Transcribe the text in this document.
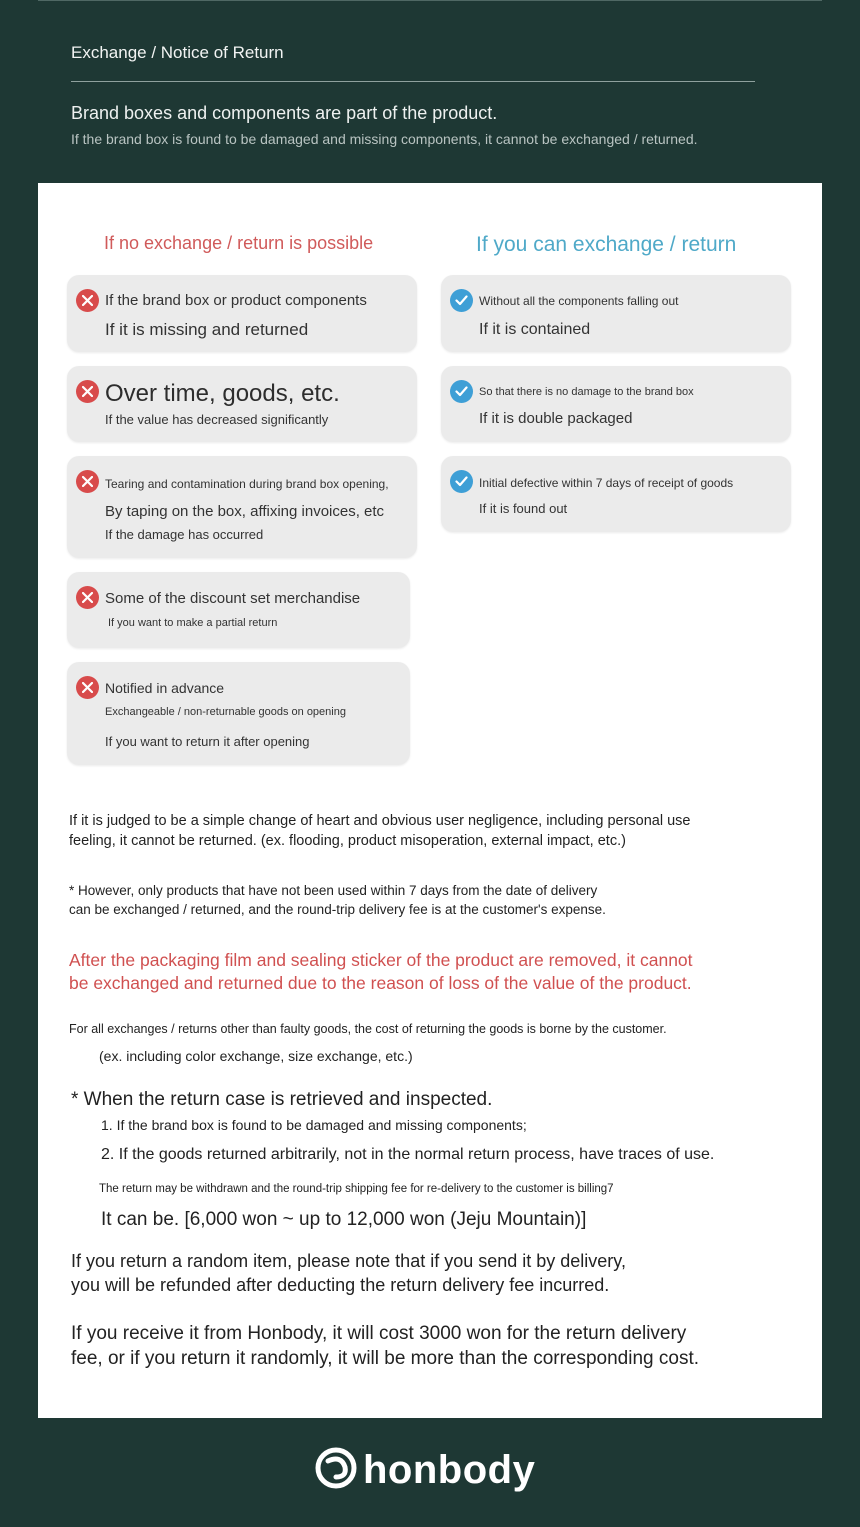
Exchange / Notice of Return
Brand boxes and components are part of the product.
If the brand box is found to be damaged and missing components, it cannot be exchanged / returned.
If no exchange / return is possible	If you can exchange / return
If the brand box or product components
If it is missing and returned
Over time, goods, etc.
If the value has decreased significantly
Tearing and contamination during brand box opening,
By taping on the box, affixing invoices, etc
If the damage has occurred
Some of the discount set merchandise
If you want to make a partial return
Notified in advance
Exchangeable / non-returnable goods on opening
If you want to return it after opening
Without all the components falling out
If it is contained
So that there is no damage to the brand box
If it is double packaged
Initial defective within 7 days of receipt of goods
If it is found out
If it is judged to be a simple change of heart and obvious user negligence, including personal use
feeling, it cannot be returned. (ex. flooding, product misoperation, external impact, etc.)
* However, only products that have not been used within 7 days from the date of delivery
can be exchanged / returned, and the round-trip delivery fee is at the customer's expense.
After the packaging film and sealing sticker of the product are removed, it cannot
be exchanged and returned due to the reason of loss of the value of the product.
For all exchanges / returns other than faulty goods, the cost of returning the goods is borne by the customer.
(ex. including color exchange, size exchange, etc.)
* When the return case is retrieved and inspected.
1. If the brand box is found to be damaged and missing components;
2. If the goods returned arbitrarily, not in the normal return process, have traces of use.
The return may be withdrawn and the round-trip shipping fee for re-delivery to the customer is billing7
It can be. [6,000 won ~ up to 12,000 won (Jeju Mountain)]
If you return a random item, please note that if you send it by delivery,
you will be refunded after deducting the return delivery fee incurred.
If you receive it from Honbody, it will cost 3000 won for the return delivery
fee, or if you return it randomly, it will be more than the corresponding cost.
honbody
